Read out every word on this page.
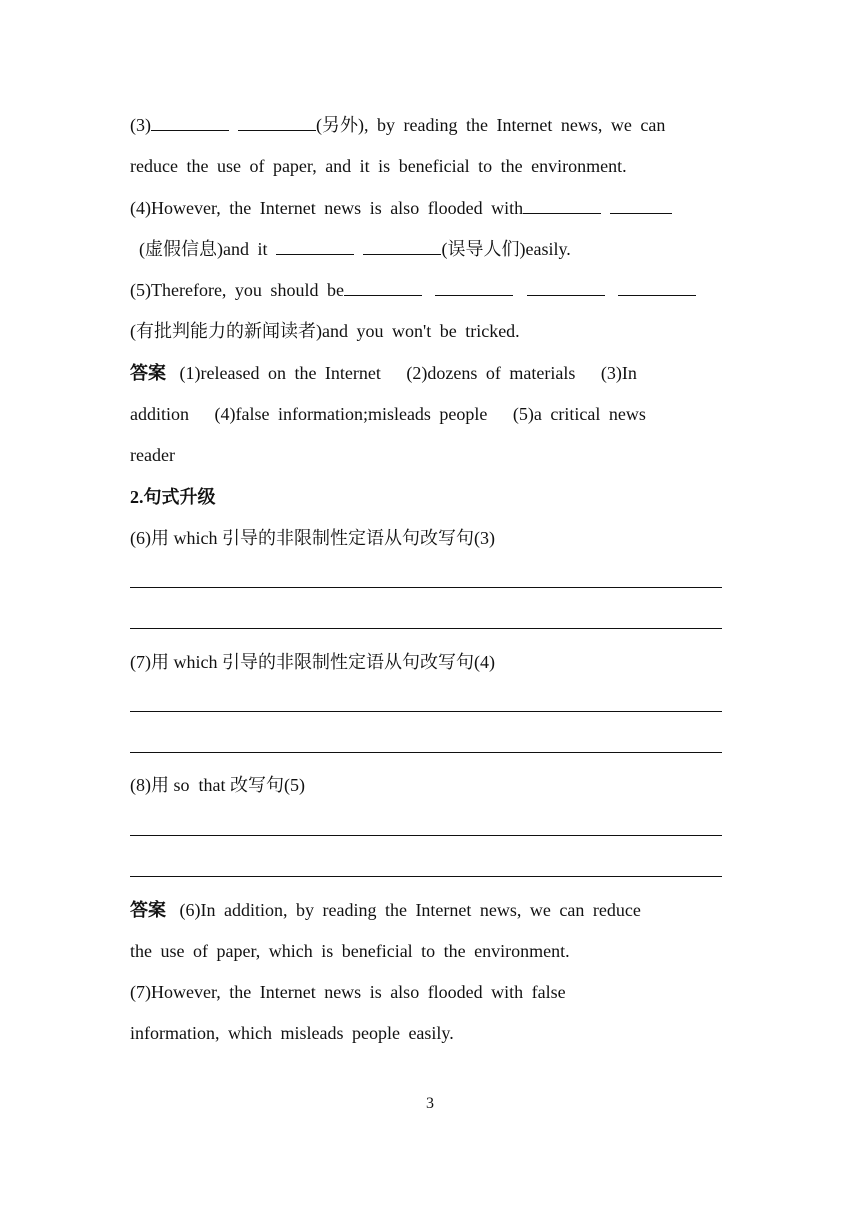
(3)	(另外), by reading the Internet news, we can
reduce the use of paper, and it is beneficial to the environment.
(4)However, the Internet news is also flooded with
(虚假信息)and it	(误导人们)easily.
(5)Therefore, you should be
(有批判能力的新闻读者)and you won't be tricked.
答案 (1)released on the Internet   (2)dozens of materials   (3)In
addition   (4)false information;misleads people   (5)a critical news
reader
2.句式升级
(6)用 which 引导的非限制性定语从句改写句(3)
(7)用 which 引导的非限制性定语从句改写句(4)
(8)用 so  that 改写句(5)
答案 (6)In addition, by reading the Internet news, we can reduce
the use of paper, which is beneficial to the environment.
(7)However, the Internet news is also flooded with false
information, which misleads people easily.
3
